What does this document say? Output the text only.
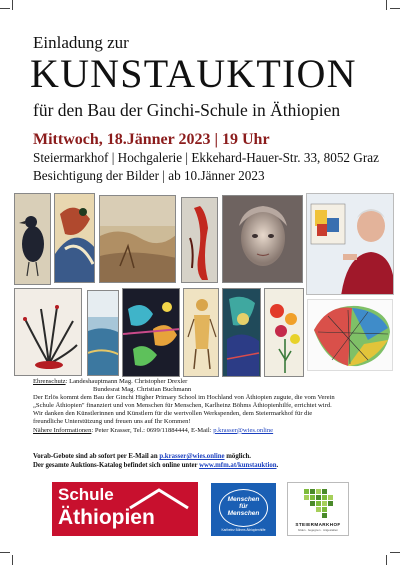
Einladung zur
KUNSTAUKTION
für den Bau der Ginchi-Schule in Äthiopien
Mittwoch, 18.Jänner 2023 | 19 Uhr
Steiermarkhof | Hochgalerie | Ekkehard-Hauer-Str. 33, 8052 Graz
Besichtigung der Bilder | ab 10.Jänner 2023
Ehrenschutz: Landeshauptmann Mag. Christopher Drexler
Bundesrat Mag. Christian Buchmann
Der Erlös kommt dem Bau der Ginchi Higher Primary School im Hochland von Äthiopien zugute, die vom Verein
„Schule Äthiopien" finanziert und von Menschen für Menschen, Karlheinz Böhms Äthiopienhilfe, errichtet wird.
Wir danken den Künstlerinnen und Künstlern für die wertvollen Werkspenden, dem Steiermarkhof für die
freundliche Unterstützung und freuen uns auf Ihr Kommen!
Nähere Informationen: Peter Krasser, Tel.: 0699/11884444, E-Mail: p.krasser@wies.online
Vorab-Gebote sind ab sofort per E-Mail an p.krasser@wies.online möglich.
Der gesamte Auktions-Katalog befindet sich online unter www.mfm.at/kunstauktion.
Schule
Äthiopien
Menschen
für
Menschen
Karlheinz Böhms Äthiopienhilfe
STEIERMARKHOF
bilden · begegnen · mitgestalten
